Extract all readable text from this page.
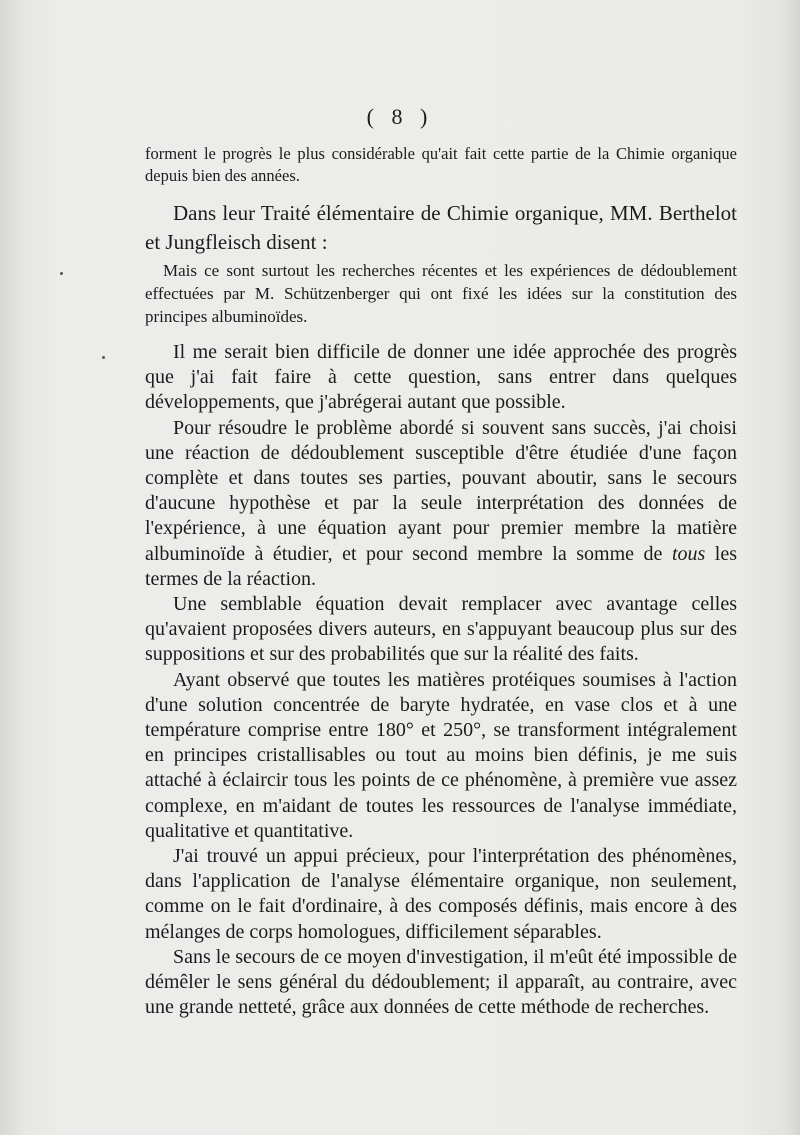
( 8 )

forment le progrès le plus considérable qu'ait fait cette partie de la Chimie organique depuis bien des années.

Dans leur Traité élémentaire de Chimie organique, MM. Berthelot et Jungfleisch disent :

Mais ce sont surtout les recherches récentes et les expériences de dédoublement effectuées par M. Schützenberger qui ont fixé les idées sur la constitution des principes albuminoïdes.

Il me serait bien difficile de donner une idée approchée des progrès que j'ai fait faire à cette question, sans entrer dans quelques développements, que j'abrégerai autant que possible.

Pour résoudre le problème abordé si souvent sans succès, j'ai choisi une réaction de dédoublement susceptible d'être étudiée d'une façon complète et dans toutes ses parties, pouvant aboutir, sans le secours d'aucune hypothèse et par la seule interprétation des données de l'expérience, à une équation ayant pour premier membre la matière albuminoïde à étudier, et pour second membre la somme de tous les termes de la réaction.

Une semblable équation devait remplacer avec avantage celles qu'avaient proposées divers auteurs, en s'appuyant beaucoup plus sur des suppositions et sur des probabilités que sur la réalité des faits.

Ayant observé que toutes les matières protéiques soumises à l'action d'une solution concentrée de baryte hydratée, en vase clos et à une température comprise entre 180° et 250°, se transforment intégralement en principes cristallisables ou tout au moins bien définis, je me suis attaché à éclaircir tous les points de ce phénomène, à première vue assez complexe, en m'aidant de toutes les ressources de l'analyse immédiate, qualitative et quantitative.

J'ai trouvé un appui précieux, pour l'interprétation des phénomènes, dans l'application de l'analyse élémentaire organique, non seulement, comme on le fait d'ordinaire, à des composés définis, mais encore à des mélanges de corps homologues, difficilement séparables.

Sans le secours de ce moyen d'investigation, il m'eût été impossible de démêler le sens général du dédoublement; il apparaît, au contraire, avec une grande netteté, grâce aux données de cette méthode de recherches.
